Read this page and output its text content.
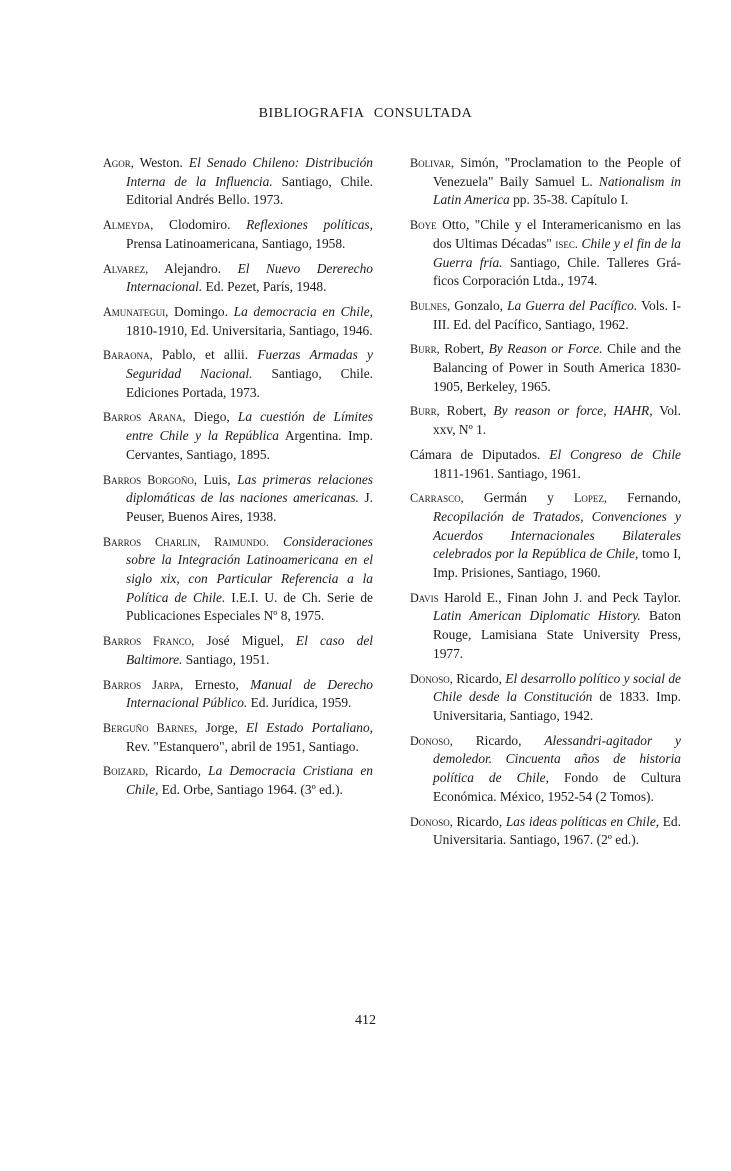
BIBLIOGRAFIA CONSULTADA

Agor, Weston. El Senado Chileno: Distribución Interna de la Influencia. Santiago, Chile. Editorial Andrés Bello. 1973.

Almeyda, Clodomiro. Reflexiones políticas, Prensa Latinoamericana, Santiago, 1958.

Alvarez, Alejandro. El Nuevo Dererecho Internacional. Ed. Pezet, París, 1948.

Amunategui, Domingo. La democracia en Chile, 1810-1910, Ed. Universitaria, Santiago, 1946.

Baraona, Pablo, et allii. Fuerzas Armadas y Seguridad Nacional. Santiago, Chile. Ediciones Portada, 1973.

Barros Arana, Diego, La cuestión de Límites entre Chile y la República Argentina. Imp. Cervantes, Santiago, 1895.

Barros Borgoño, Luis, Las primeras relaciones diplomáticas de las naciones americanas. J. Peuser, Buenos Aires, 1938.

Barros Charlin, Raimundo. Consideraciones sobre la Integración Latinoamericana en el siglo xix, con Particular Referencia a la Política de Chile. I.E.I. U. de Ch. Serie de Publicaciones Especiales Nº 8, 1975.

Barros Franco, José Miguel, El caso del Baltimore. Santiago, 1951.

Barros Jarpa, Ernesto, Manual de Derecho Internacional Público. Ed. Jurídica, 1959.

Berguño Barnes, Jorge, El Estado Portaliano, Rev. "Estanquero", abril de 1951, Santiago.

Boizard, Ricardo, La Democracia Cristiana en Chile, Ed. Orbe, Santiago 1964. (3º ed.).

Bolivar, Simón, "Proclamation to the People of Venezuela" Baily Samuel L. Nationalism in Latin America pp. 35-38. Capítulo I.

Boye Otto, "Chile y el Interamericanismo en las dos Ultimas Décadas" isec. Chile y el fin de la Guerra fría. Santiago, Chile. Talleres Gráficos Corporación Ltda., 1974.

Bulnes, Gonzalo, La Guerra del Pacífico. Vols. I-III. Ed. del Pacífico, Santiago, 1962.

Burr, Robert, By Reason or Force. Chile and the Balancing of Power in South America 1830-1905, Berkeley, 1965.

Burr, Robert, By reason or force, HAHR, Vol. xxv, Nº 1.

Cámara de Diputados. El Congreso de Chile 1811-1961. Santiago, 1961.

Carrasco, Germán y Lopez, Fernando, Recopilación de Tratados, Convenciones y Acuerdos Internacionales Bilaterales celebrados por la República de Chile, tomo I, Imp. Prisiones, Santiago, 1960.

Davis Harold E., Finan John J. and Peck Taylor. Latin American Diplomatic History. Baton Rouge, Lamisiana State University Press, 1977.

Donoso, Ricardo, El desarrollo político y social de Chile desde la Constitución de 1833. Imp. Universitaria, Santiago, 1942.

Donoso, Ricardo, Alessandri-agitador y demoledor. Cincuenta años de historia política de Chile, Fondo de Cultura Económica. México, 1952-54 (2 Tomos).

Donoso, Ricardo, Las ideas políticas en Chile, Ed. Universitaria. Santiago, 1967. (2º ed.).

412
